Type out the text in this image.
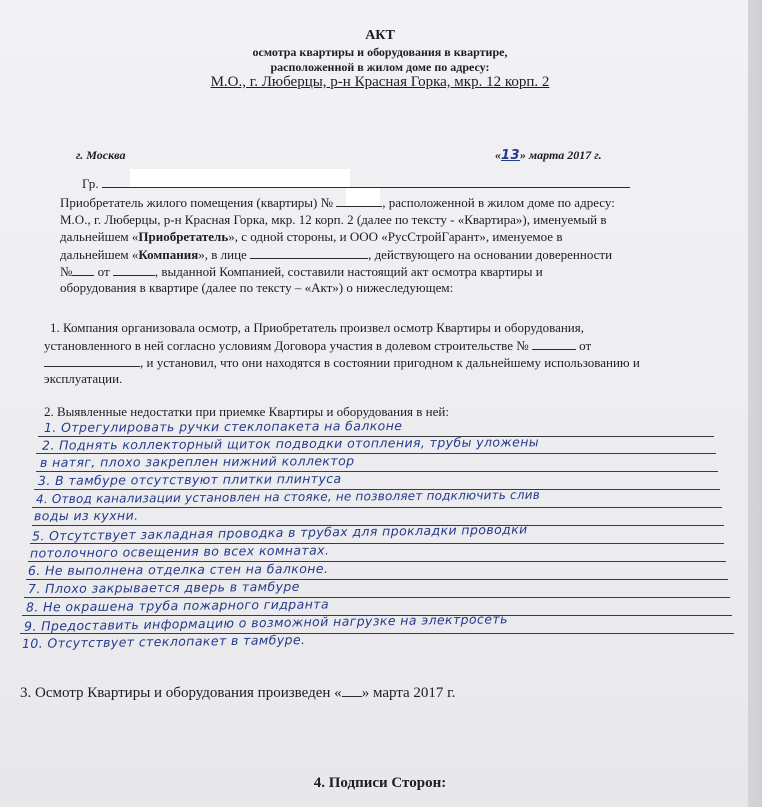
АКТ
осмотра квартиры и оборудования в квартире,
расположенной в жилом доме по адресу:
М.О., г. Люберцы, р-н Красная Горка, мкр. 12 корп. 2
г. Москва	«13» марта 2017 г.
Гр.
Приобретатель жилого помещения (квартиры) №	, расположенной в жилом доме по адресу:
М.О., г. Люберцы, р-н Красная Горка, мкр. 12 корп. 2 (далее по тексту - «Квартира»), именуемый в
дальнейшем «Приобретатель», с одной стороны, и ООО «РусСтройГарант», именуемое в
дальнейшем «Компания», в лице	, действующего на основании доверенности
№ от	, выданной Компанией, составили настоящий акт осмотра квартиры и
оборудования в квартире (далее по тексту – «Акт») о нижеследующем:
1. Компания организовала осмотр, а Приобретатель произвел осмотр Квартиры и оборудования,
установленного в ней согласно условиям Договора участия в долевом строительстве №	от
, и установил, что они находятся в состоянии пригодном к дальнейшему использованию и
эксплуатации.
2. Выявленные недостатки при приемке Квартиры и оборудования в ней:
1. Отрегулировать ручки стеклопакета на балконе
2. Поднять коллекторный щиток подводки отопления, трубы уложены
в натяг, плохо закреплен нижний коллектор
3. В тамбуре отсутствуют плитки плинтуса
4. Отвод канализации установлен на стояке, не позволяет подключить слив
воды из кухни.
5. Отсутствует закладная проводка в трубах для прокладки проводки
потолочного освещения во всех комнатах.
6. Не выполнена отделка стен на балконе.
7. Плохо закрывается дверь в тамбуре
8. Не окрашена труба пожарного гидранта
9. Предоставить информацию о возможной нагрузке на электросеть
10. Отсутствует стеклопакет в тамбуре.
3. Осмотр Квартиры и оборудования произведен « » марта 2017 г.
4. Подписи Сторон:
